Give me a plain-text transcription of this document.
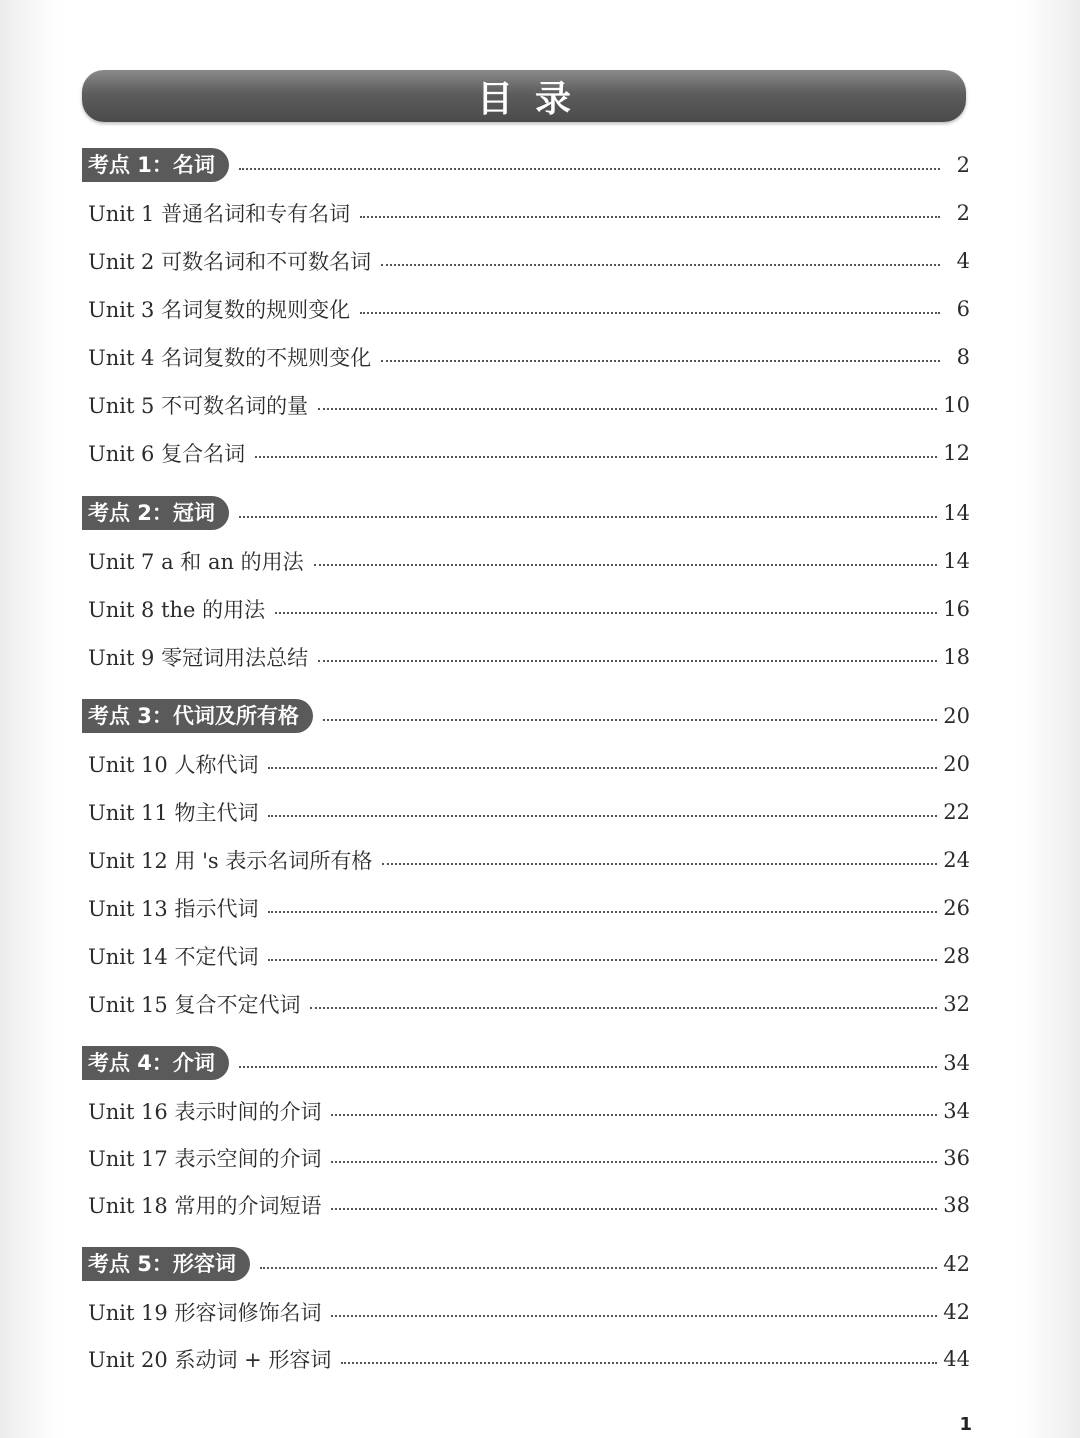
目录
考点 1：名词	2
Unit 1 普通名词和专有名词	2
Unit 2 可数名词和不可数名词	4
Unit 3 名词复数的规则变化	6
Unit 4 名词复数的不规则变化	8
Unit 5 不可数名词的量	10
Unit 6 复合名词	12
考点 2：冠词	14
Unit 7 a 和 an 的用法	14
Unit 8 the 的用法	16
Unit 9 零冠词用法总结	18
考点 3：代词及所有格	20
Unit 10 人称代词	20
Unit 11 物主代词	22
Unit 12 用 's 表示名词所有格	24
Unit 13 指示代词	26
Unit 14 不定代词	28
Unit 15 复合不定代词	32
考点 4：介词	34
Unit 16 表示时间的介词	34
Unit 17 表示空间的介词	36
Unit 18 常用的介词短语	38
考点 5：形容词	42
Unit 19 形容词修饰名词	42
Unit 20 系动词 + 形容词	44
1
